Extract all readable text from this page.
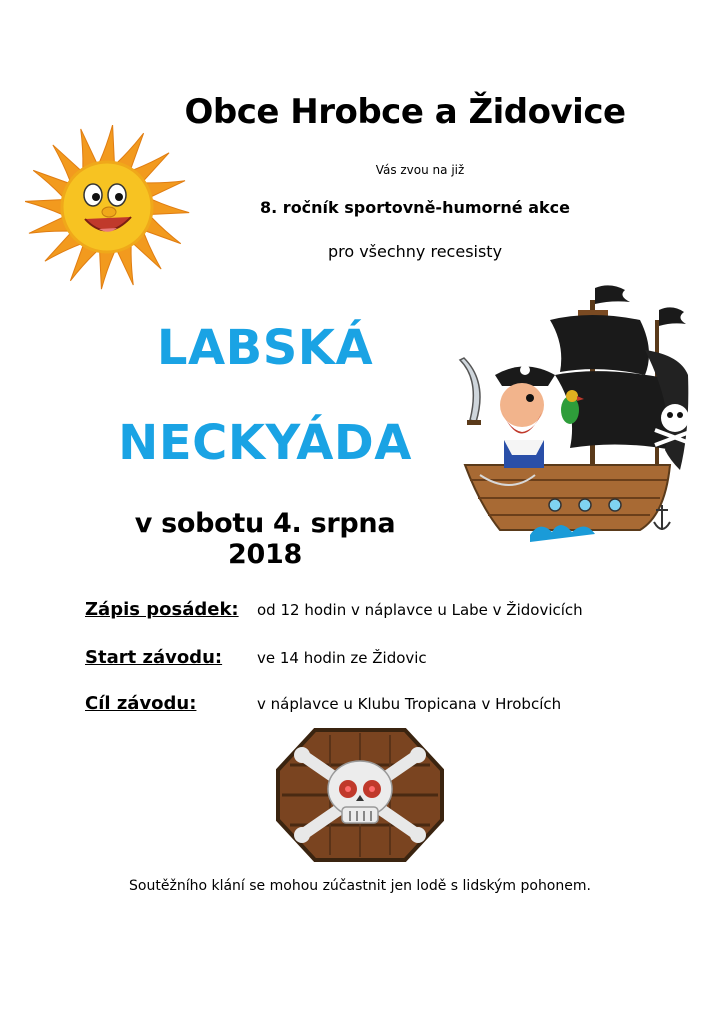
Obce Hrobce a Židovice
Vás zvou na již
8. ročník sportovně-humorné akce
pro všechny recesisty
LABSKÁ
NECKYÁDA
v sobotu 4. srpna 2018
Zápis posádek: od 12 hodin v náplavce u Labe v Židovicích
Start závodu: ve 14 hodin ze Židovic
Cíl závodu:	v náplavce u Klubu Tropicana v Hrobcích
Soutěžního klání se mohou zúčastnit jen lodě s lidským pohonem.
